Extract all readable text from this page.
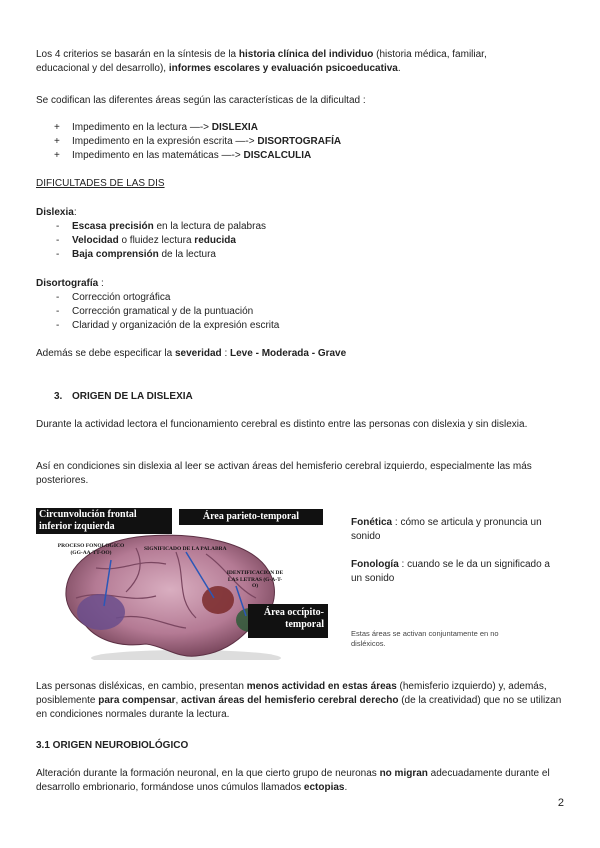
Los 4 criterios se basarán en la síntesis de la historia clínica del individuo (historia médica, familiar,
educacional y del desarrollo), informes escolares y evaluación psicoeducativa.
Se codifican las diferentes áreas según las características de la dificultad :
+ Impedimento en la lectura —-> DISLEXIA
+ Impedimento en la expresión escrita —-> DISORTOGRAFÍA
+ Impedimento en las matemáticas —-> DISCALCULIA
DIFICULTADES DE LAS DIS
Dislexia:
- Escasa precisión en la lectura de palabras
- Velocidad o fluidez lectura reducida
- Baja comprensión de la lectura
Disortografía :
- Corrección ortográfica
- Corrección gramatical y de la puntuación
- Claridad y organización de la expresión escrita
Además se debe especificar la severidad : Leve - Moderada - Grave
3. ORIGEN DE LA DISLEXIA
Durante la actividad lectora el funcionamiento cerebral es distinto entre las personas con dislexia y sin dislexia.
Así en condiciones sin dislexia al leer se activan áreas del hemisferio cerebral izquierdo, especialmente las más posteriores.
Circunvolución frontal inferior izquierda
Área parieto-temporal
Área occípito-temporal
PROCESO FONOLOGICO (GG-AA-TT-OO)
SIGNIFICADO DE LA PALABRA
IDENTIFICACION DE LAS LETRAS (G-A-T-O)
Fonética : cómo se articula y pronuncia un sonido
Fonología : cuando se le da un significado a un sonido
Estas áreas se activan conjuntamente en no disléxicos.
Las personas disléxicas, en cambio, presentan menos actividad en estas áreas (hemisferio izquierdo) y, además, posiblemente para compensar, activan áreas del hemisferio cerebral derecho (de la creatividad) que no se utilizan en condiciones normales durante la lectura.
3.1 ORIGEN NEUROBIOLÓGICO
Alteración durante la formación neuronal, en la que cierto grupo de neuronas no migran adecuadamente durante el desarrollo embrionario, formándose unos cúmulos llamados ectopias.
2
